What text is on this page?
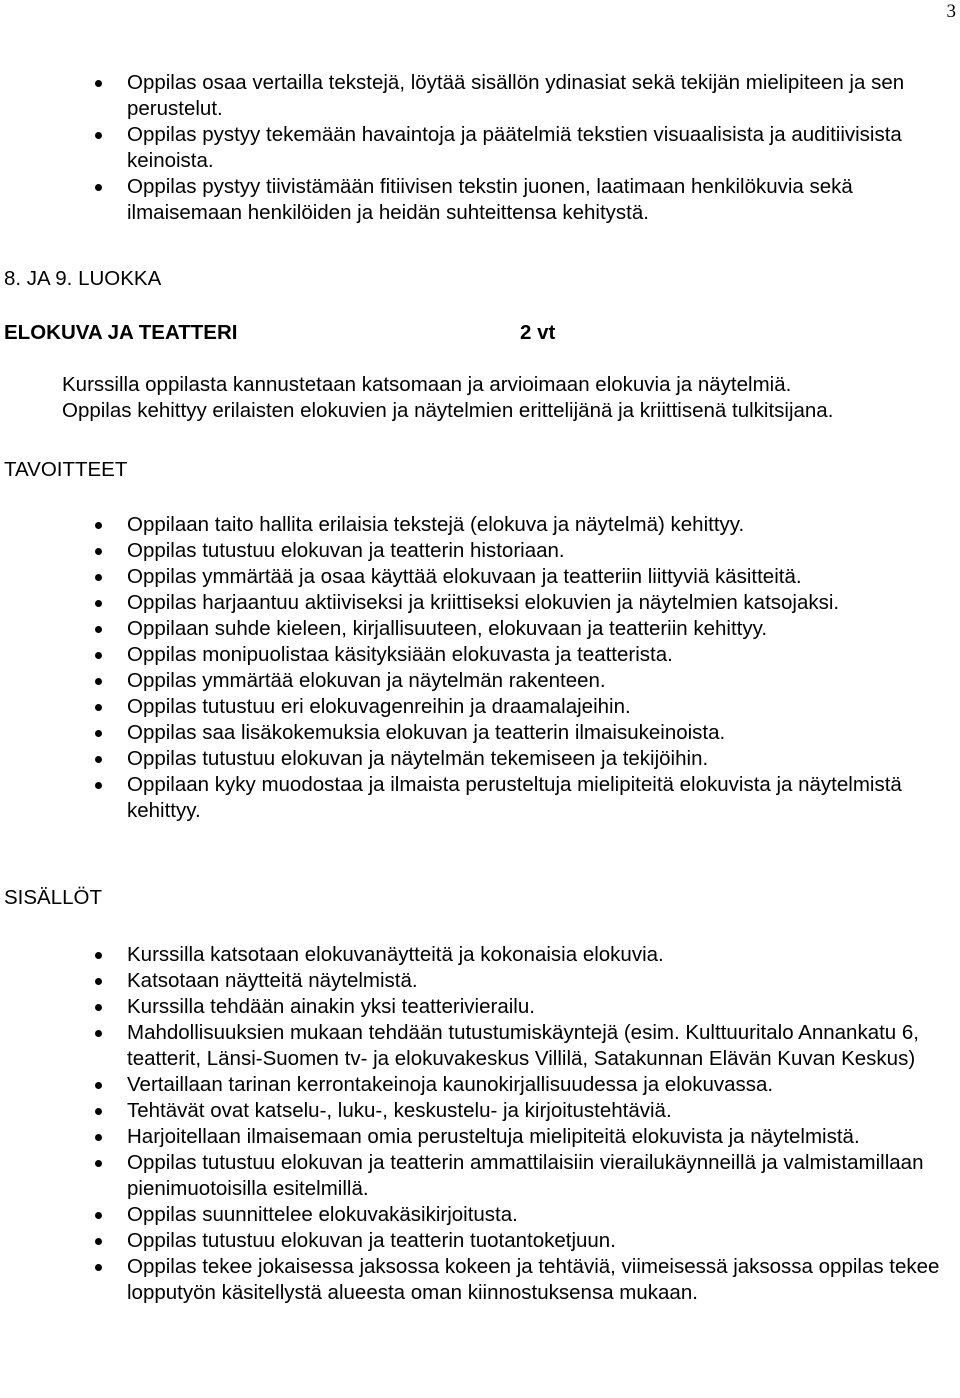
3
Oppilas osaa vertailla tekstejä, löytää sisällön ydinasiat sekä tekijän mielipiteen ja sen perustelut.
Oppilas pystyy tekemään havaintoja ja päätelmiä tekstien visuaalisista ja auditiivisista keinoista.
Oppilas pystyy tiivistämään fitiivisen tekstin juonen, laatimaan henkilökuvia sekä ilmaisemaan henkilöiden ja heidän suhteittensa kehitystä.

8. JA 9. LUOKKA

ELOKUVA JA TEATTERI	2 vt

Kurssilla oppilasta kannustetaan katsomaan ja arvioimaan elokuvia ja näytelmiä.
Oppilas kehittyy erilaisten elokuvien ja näytelmien erittelijänä ja kriittisenä tulkitsijana.

TAVOITTEET

Oppilaan taito hallita erilaisia tekstejä (elokuva ja näytelmä) kehittyy.
Oppilas tutustuu elokuvan ja teatterin historiaan.
Oppilas ymmärtää ja osaa käyttää elokuvaan ja teatteriin liittyviä käsitteitä.
Oppilas harjaantuu aktiiviseksi ja kriittiseksi elokuvien ja näytelmien katsojaksi.
Oppilaan suhde kieleen, kirjallisuuteen, elokuvaan ja teatteriin kehittyy.
Oppilas monipuolistaa käsityksiään elokuvasta ja teatterista.
Oppilas ymmärtää elokuvan ja näytelmän rakenteen.
Oppilas tutustuu eri elokuvagenreihin ja draamalajeihin.
Oppilas saa lisäkokemuksia elokuvan ja teatterin ilmaisukeinoista.
Oppilas tutustuu elokuvan ja näytelmän tekemiseen ja tekijöihin.
Oppilaan kyky muodostaa ja ilmaista perusteltuja mielipiteitä elokuvista ja näytelmistä kehittyy.

SISÄLLÖT

Kurssilla katsotaan elokuvanäytteitä ja kokonaisia elokuvia.
Katsotaan näytteitä näytelmistä.
Kurssilla tehdään ainakin yksi teatterivierailu.
Mahdollisuuksien mukaan tehdään tutustumiskäyntejä (esim. Kulttuuritalo Annankatu 6, teatterit, Länsi-Suomen tv- ja elokuvakeskus Villilä, Satakunnan Elävän Kuvan Keskus)
Vertaillaan tarinan kerrontakeinoja kaunokirjallisuudessa ja elokuvassa.
Tehtävät ovat katselu-, luku-, keskustelu- ja kirjoitustehtäviä.
Harjoitellaan ilmaisemaan omia perusteltuja mielipiteitä elokuvista ja näytelmistä.
Oppilas tutustuu elokuvan ja teatterin ammattilaisiin vierailukäynneillä ja valmistamillaan pienimuotoisilla esitelmillä.
Oppilas suunnittelee elokuvakäsikirjoitusta.
Oppilas tutustuu elokuvan ja teatterin tuotantoketjuun.
Oppilas tekee jokaisessa jaksossa kokeen ja tehtäviä, viimeisessä jaksossa oppilas tekee lopputyön käsitellystä alueesta oman kiinnostuksensa mukaan.
